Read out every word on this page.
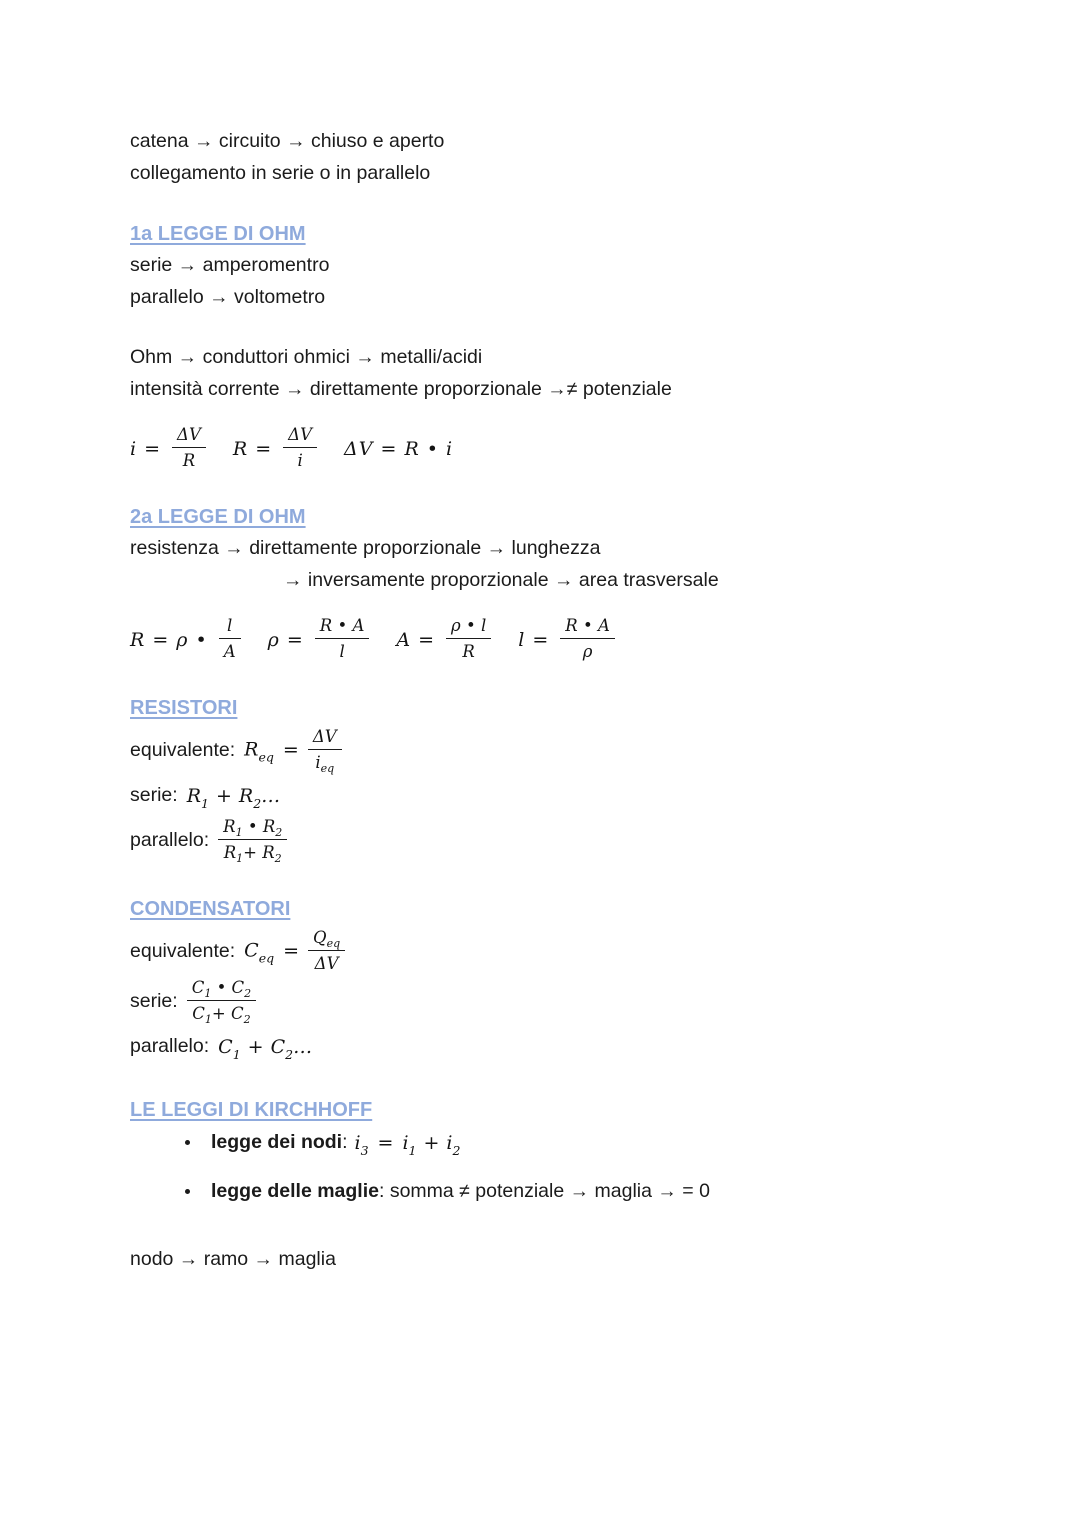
catena → circuito → chiuso e aperto

collegamento in serie o in parallelo

1a LEGGE DI OHM

serie → amperomentro

parallelo → voltometro

Ohm → conduttori ohmici → metalli/acidi

intensità corrente → direttamente proporzionale →≠ potenziale

$i = \frac{\Delta V}{R}$ $R = \frac{\Delta V}{i}$ ΔV = R • i
2a LEGGE DI OHM

resistenza → direttamente proporzionale → lunghezza

→ inversamente proporzionale → area trasversale

R = ρ • $\frac{l}{A}$ $\rho = \frac{R • A}{l}$ $A = \frac{\rho • l}{R}$ $l = \frac{R • A}{\rho}$
RESISTORI
equivalente: $R_{eq} = \frac{\Delta V}{i_{eq}}$
serie: $R_1$ + $R_2\dots$
parallelo: $\frac{R_1 • R_2}{R_1+ R_2}$
CONDENSATORI
equivalente: $C_{eq} = \frac{Q_{eq}}{\Delta V}$
serie: $\frac{C_1 • C_2}{C_1+ C_2}$
parallelo: $C_1$ + $C_2\dots$
LE LEGGI DI KIRCHHOFF
• legge dei nodi : $i_3 = i_1 + i_2$
• legge delle maglie : somma ≠ potenziale → maglia → = 0

nodo → ramo → maglia
